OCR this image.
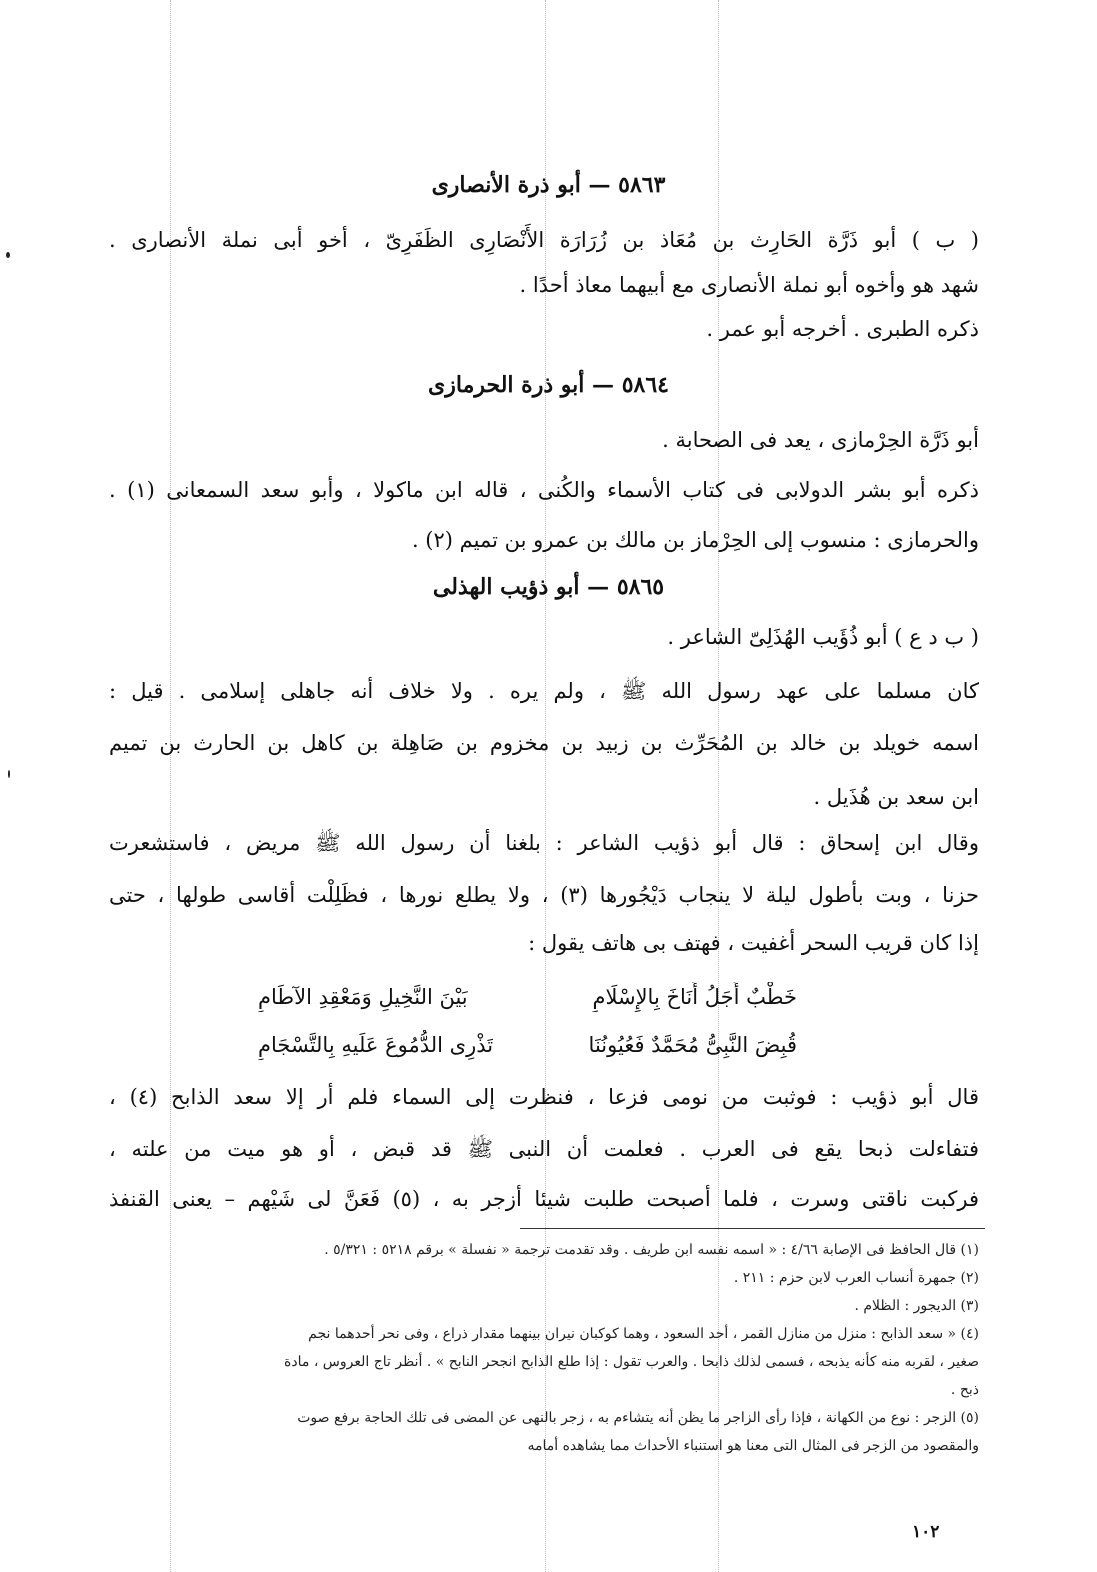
٥٨٦٣ — أبو ذرة الأنصارى
( ب ) أبو ذَرَّة الحَارِث بن مُعَاذ بن زُرَارَة الأَنْصَارِى الظَفَرِىّ ، أخو أبى نملة الأنصارى .
شهد هو وأخوه أبو نملة الأنصارى مع أبيهما معاذ أحدًا .
ذكره الطبرى . أخرجه أبو عمر .
٥٨٦٤ — أبو ذرة الحرمازى
أبو ذَرَّة الحِرْمازى ، يعد فى الصحابة .
ذكره أبو بشر الدولابى فى كتاب الأسماء والكُنى ، قاله ابن ماكولا ، وأبو سعد السمعانى (١) .
والحرمازى : منسوب إلى الحِرْماز بن مالك بن عمرو بن تميم (٢) .
٥٨٦٥ — أبو ذؤيب الهذلى
( ب د ع ) أبو ذُؤَيب الهُذَلِىّ الشاعر .
كان مسلما على عهد رسول الله ﷺ ، ولم يره . ولا خلاف أنه جاهلى إسلامى . قيل :
اسمه خويلد بن خالد بن المُحَرِّث بن زبيد بن مخزوم بن صَاهِلة بن كاهل بن الحارث بن تميم
ابن سعد بن هُذَيل .
وقال ابن إسحاق : قال أبو ذؤيب الشاعر : بلغنا أن رسول الله ﷺ مريض ، فاستشعرت
حزنا ، وبت بأطول ليلة لا ينجاب دَيْجُورها (٣) ، ولا يطلع نورها ، فظَلِلْت أقاسى طولها ، حتى
إذا كان قريب السحر أغفيت ، فهتف بى هاتف يقول :
خَطْبٌ أَجَلُ أَنَاخَ بِالإِسْلَامِ
بَيْنَ النَّخِيلِ وَمَعْقِدِ الآطَامِ
قُبِضَ النَّبِىُّ مُحَمَّدٌ فَعُيُونُنَا
تَذْرِى الدُّمُوعَ عَلَيهِ بِالتَّسْجَامِ
قال أبو ذؤيب : فوثبت من نومى فزعا ، فنظرت إلى السماء فلم أر إلا سعد الذابح (٤) ،
فتفاءلت ذبحا يقع فى العرب . فعلمت أن النبى ﷺ قد قبض ، أو هو ميت من علته ،
فركبت ناقتى وسرت ، فلما أصبحت طلبت شيئا أزجر به ، (٥) فَعَنَّ لى شَيْهم – يعنى القنفذ
(١) قال الحافظ فى الإصابة ٤/٦٦ : « اسمه نفسه ابن طريف . وقد تقدمت ترجمة « نفسلة » برقم ٥٢١٨ : ٥/٣٢١ .
(٢) جمهرة أنساب العرب لابن حزم : ٢١١ .
(٣) الديجور : الظلام .
(٤) « سعد الذابح : منزل من منازل القمر ، أحد السعود ، وهما كوكبان نيران بينهما مقدار ذراع ، وفى نحر أحدهما نجم
صغير ، لقربه منه كأنه يذبحه ، فسمى لذلك ذابحا . والعرب تقول : إذا طلع الذابح انجحر النابح » . أنظر تاج العروس ، مادة
ذبح .
(٥) الزجر : نوع من الكهانة ، فإذا رأى الزاجر ما يظن أنه يتشاءم به ، زجر بالنهى عن المضى فى تلك الحاجة برفع صوت
والمقصود من الزجر فى المثال التى معنا هو استنباء الأحداث مما يشاهده أمامه
١٠٢
